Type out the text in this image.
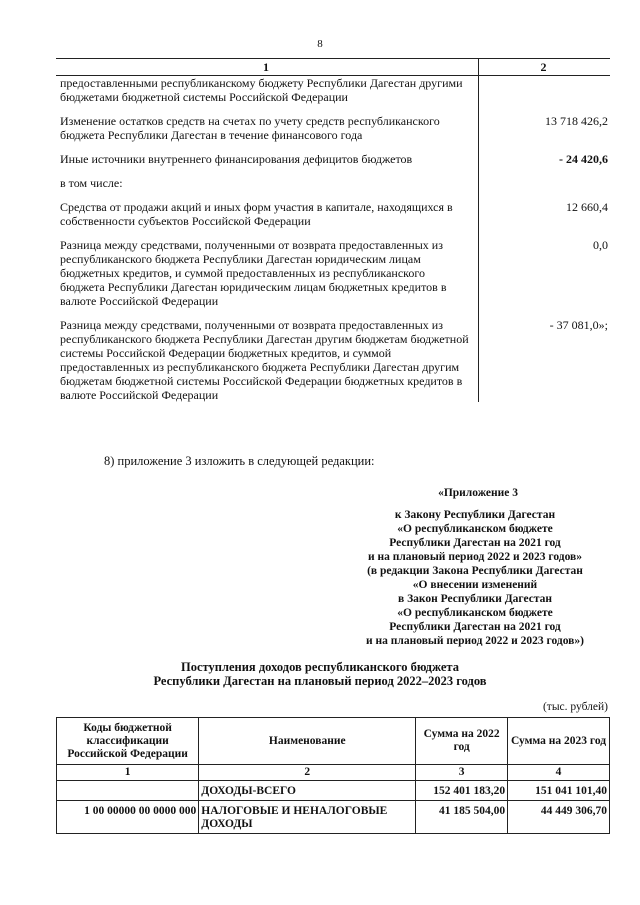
8
1	2
предоставленными республиканскому бюджету Республики Дагестан другими бюджетами бюджетной системы Российской Федерации	

Изменение остатков средств на счетах по учету средств республиканского бюджета Республики Дагестан в течение финансового года	13 718 426,2

Иные источники внутреннего финансирования дефицитов бюджетов	- 24 420,6

в том числе:	

Средства от продажи акций и иных форм участия в капитале, находящихся в собственности субъектов Российской Федерации	12 660,4

Разница между средствами, полученными от возврата предоставленных из республиканского бюджета Республики Дагестан юридическим лицам бюджетных кредитов, и суммой предоставленных из республиканского бюджета Республики Дагестан юридическим лицам бюджетных кредитов в валюте Российской Федерации	0,0

Разница между средствами, полученными от возврата предоставленных из республиканского бюджета Республики Дагестан другим бюджетам бюджетной системы Российской Федерации бюджетных кредитов, и суммой предоставленных из республиканского бюджета Республики Дагестан другим бюджетам бюджетной системы Российской Федерации бюджетных кредитов в валюте Российской Федерации	- 37 081,0»;
8) приложение 3 изложить в следующей редакции:
«Приложение 3
к Закону Республики Дагестан
«О республиканском бюджете
Республики Дагестан на 2021 год
и на плановый период 2022 и 2023 годов»
(в редакции Закона Республики Дагестан
«О внесении изменений
в Закон Республики Дагестан
«О республиканском бюджете
Республики Дагестан на 2021 год
и на плановый период 2022 и 2023 годов»)
Поступления доходов республиканского бюджета
Республики Дагестан на плановый период 2022–2023 годов
(тыс. рублей)
Коды бюджетной классификации Российской Федерации	Наименование	Сумма на 2022 год	Сумма на 2023 год
1	2	3	4
	ДОХОДЫ-ВСЕГО	152 401 183,20	151 041 101,40
1 00 00000 00 0000 000	НАЛОГОВЫЕ И НЕНАЛОГОВЫЕ ДОХОДЫ	41 185 504,00	44 449 306,70
